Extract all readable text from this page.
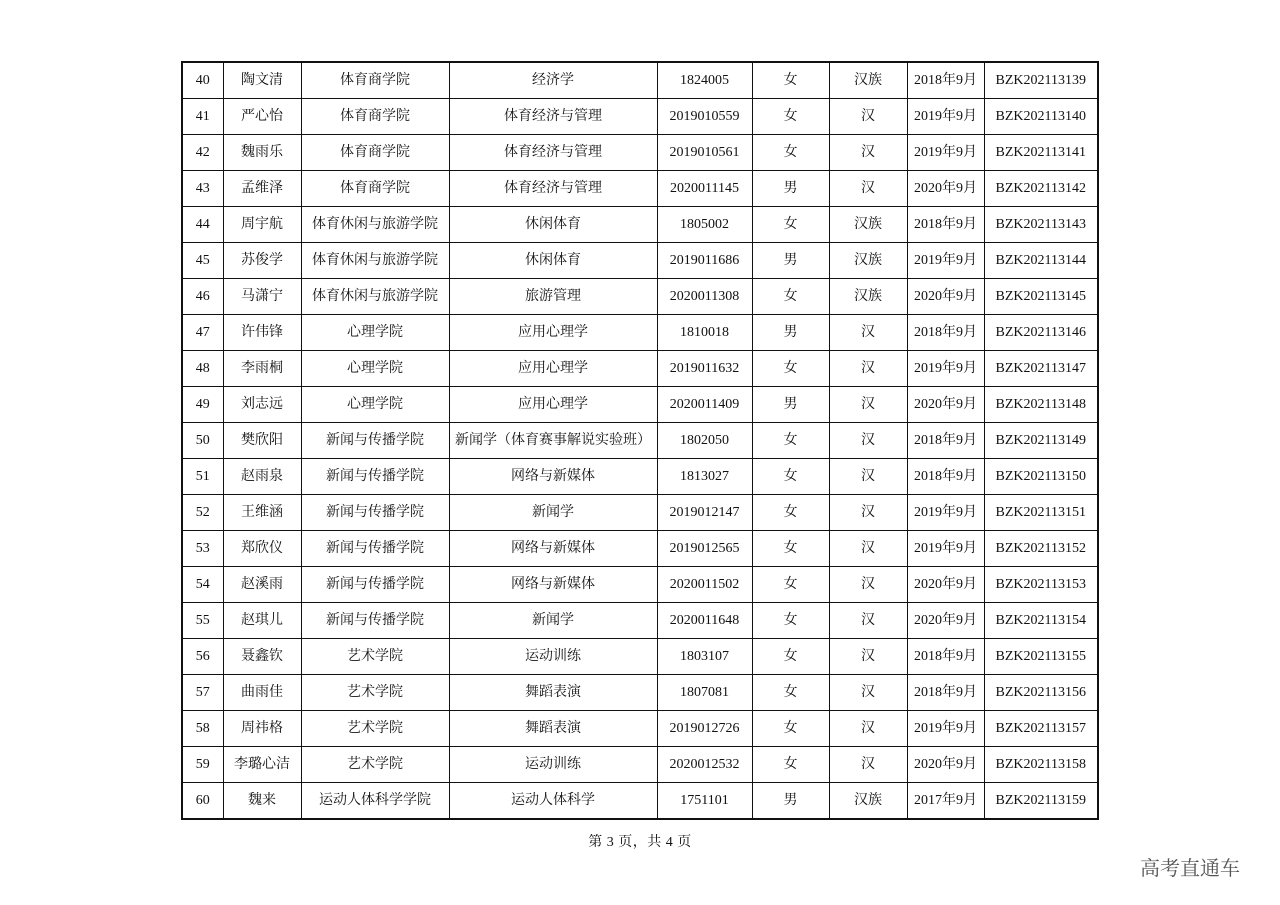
40	陶文清	体育商学院	经济学	1824005	女	汉族	2018年9月	BZK202113139
41	严心怡	体育商学院	体育经济与管理	2019010559	女	汉	2019年9月	BZK202113140
42	魏雨乐	体育商学院	体育经济与管理	2019010561	女	汉	2019年9月	BZK202113141
43	孟维泽	体育商学院	体育经济与管理	2020011145	男	汉	2020年9月	BZK202113142
44	周宇航	体育休闲与旅游学院	休闲体育	1805002	女	汉族	2018年9月	BZK202113143
45	苏俊学	体育休闲与旅游学院	休闲体育	2019011686	男	汉族	2019年9月	BZK202113144
46	马潇宁	体育休闲与旅游学院	旅游管理	2020011308	女	汉族	2020年9月	BZK202113145
47	许伟锋	心理学院	应用心理学	1810018	男	汉	2018年9月	BZK202113146
48	李雨桐	心理学院	应用心理学	2019011632	女	汉	2019年9月	BZK202113147
49	刘志远	心理学院	应用心理学	2020011409	男	汉	2020年9月	BZK202113148
50	樊欣阳	新闻与传播学院	新闻学（体育赛事解说实验班）	1802050	女	汉	2018年9月	BZK202113149
51	赵雨泉	新闻与传播学院	网络与新媒体	1813027	女	汉	2018年9月	BZK202113150
52	王维涵	新闻与传播学院	新闻学	2019012147	女	汉	2019年9月	BZK202113151
53	郑欣仪	新闻与传播学院	网络与新媒体	2019012565	女	汉	2019年9月	BZK202113152
54	赵溪雨	新闻与传播学院	网络与新媒体	2020011502	女	汉	2020年9月	BZK202113153
55	赵琪儿	新闻与传播学院	新闻学	2020011648	女	汉	2020年9月	BZK202113154
56	聂鑫钦	艺术学院	运动训练	1803107	女	汉	2018年9月	BZK202113155
57	曲雨佳	艺术学院	舞蹈表演	1807081	女	汉	2018年9月	BZK202113156
58	周祎格	艺术学院	舞蹈表演	2019012726	女	汉	2019年9月	BZK202113157
59	李璐心洁	艺术学院	运动训练	2020012532	女	汉	2020年9月	BZK202113158
60	魏来	运动人体科学学院	运动人体科学	1751101	男	汉族	2017年9月	BZK202113159
第 3 页，共 4 页
高考直通车
